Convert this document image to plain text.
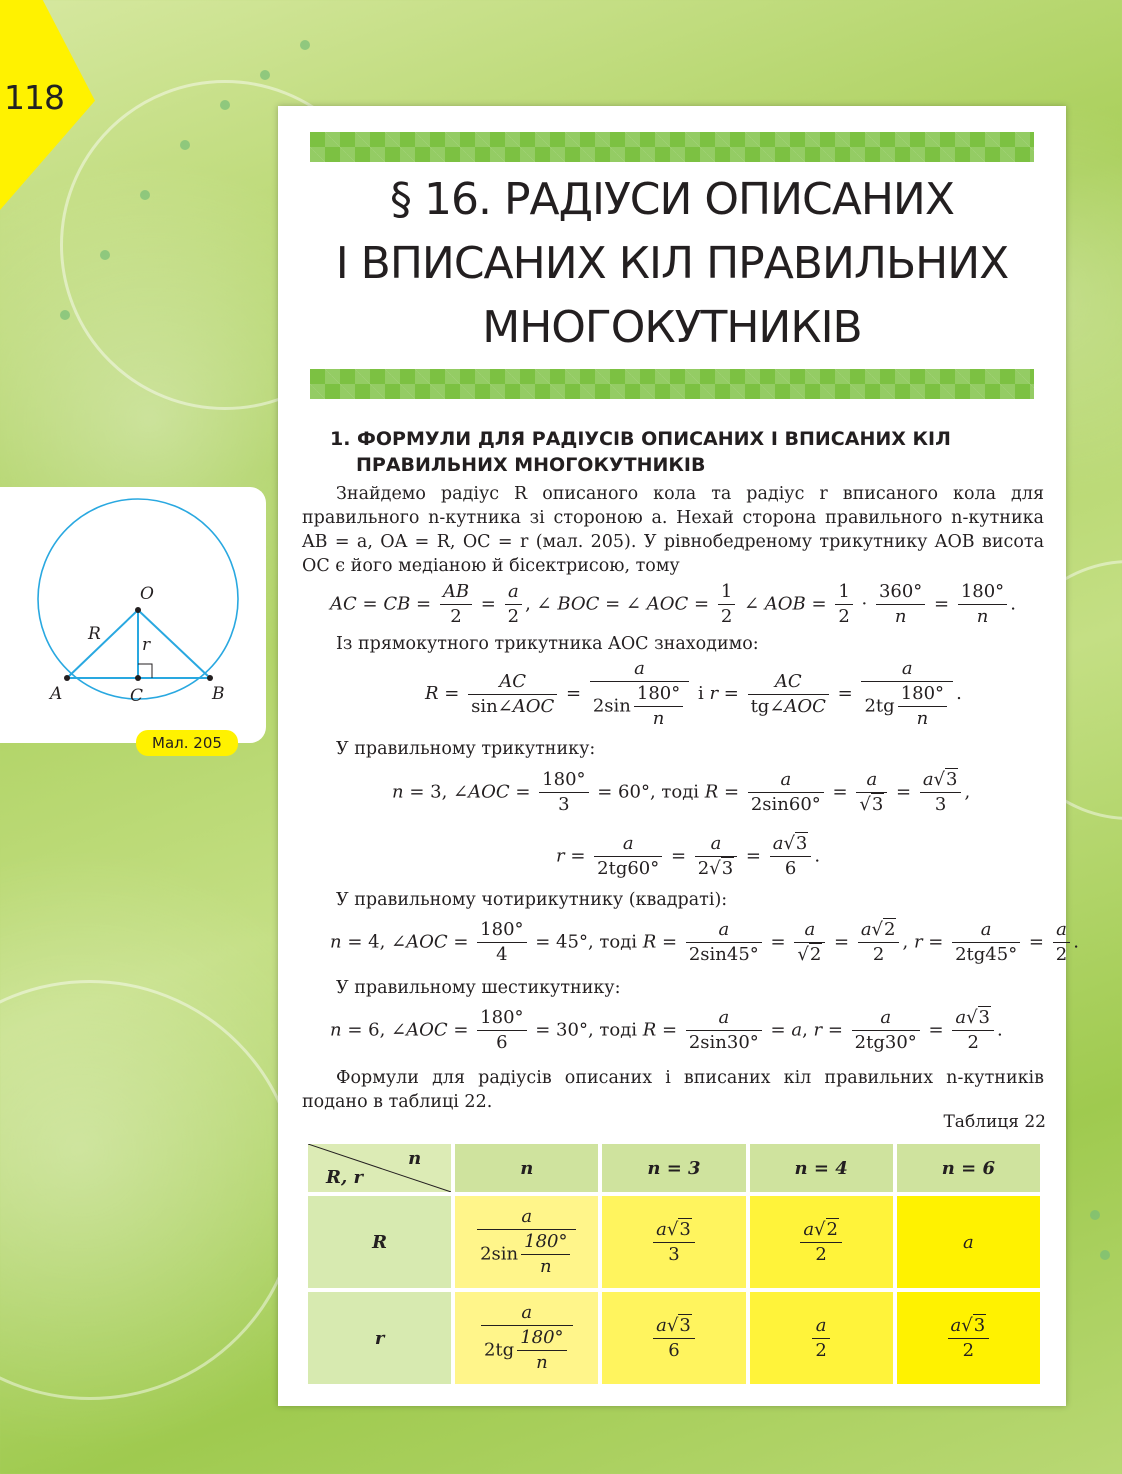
118
§ 16. РАДІУСИ ОПИСАНИХ
І ВПИСАНИХ КІЛ ПРАВИЛЬНИХ
МНОГОКУТНИКІВ
1. ФОРМУЛИ ДЛЯ РАДІУСІВ ОПИСАНИХ І ВПИСАНИХ КІЛ
ПРАВИЛЬНИХ МНОГОКУТНИКІВ

Знайдемо радіус R описаного кола та радіус r вписаного кола для правильного n-кутника зі стороною a. Нехай сторона правильного n-кутника AB = a, OA = R, OC = r (мал. 205). У рівнобедреному трикутнику AOB висота OC є його медіаною й бісектрисою, тому

AC = CB = $\frac{AB}{2} = \frac{a}{2}$ , ∠ BOC = ∠ AOC = $\frac{1}{2}$ ∠ AOB = $\frac{1}{2} \cdot \frac{360^\circ}{n} = \frac{180^\circ}{n}$ .
Із прямокутного трикутника AOC знаходимо:
$R = \frac{AC}{\text{sin∠AOC}} = \frac{a}{2\sin \frac{180^\circ}{n}}$ і $r = \frac{AC}{\text{tg∠AOC}} = \frac{a}{2tg \frac{180^\circ}{n}}$ .
У правильному трикутнику:
n = 3, ∠AOC = $\frac{180^\circ}{3} = 60^\circ$, тоді $R = \frac{a}{2\sin 60^\circ} = \frac{a}{√3} = \frac{a√3}{3}$ ,
$r = \frac{a}{2tg60^\circ} = \frac{a}{2√3} = \frac{a√3}{6}$ .
У правильному чотирикутнику (квадраті):
n = 4, ∠AOC = $\frac{180^\circ}{4} = 45^\circ$, тоді $R = \frac{a}{2\sin 45^\circ} = \frac{a}{√2} = \frac{a√2}{2}$ , $r = \frac{a}{2tg45^\circ} = \frac{a}{2}$ .
У правильному шестикутнику:
n = 6, ∠AOC = $\frac{180^\circ}{6} = 30^\circ$, тоді $R = \frac{a}{2\sin 30^\circ} = a$, $r = \frac{a}{2tg30^\circ} = \frac{a√3}{2}$ .

Формули для радіусів описаних і вписаних кіл правильних n-кутників подано в таблиці 22.

Таблиця 22
n
R, r	n	n = 3	n = 4	n = 6
R	$\frac{a}{2\sin \frac{180^\circ}{n}}$	$\frac{a√3}{3}$	$\frac{a√2}{2}$	a
r	$\frac{a}{2tg \frac{180^\circ}{n}}$	$\frac{a√3}{6}$	$\frac{a}{2}$	$\frac{a√3}{2}$
O
A	B
C
R
r
Мал. 205
